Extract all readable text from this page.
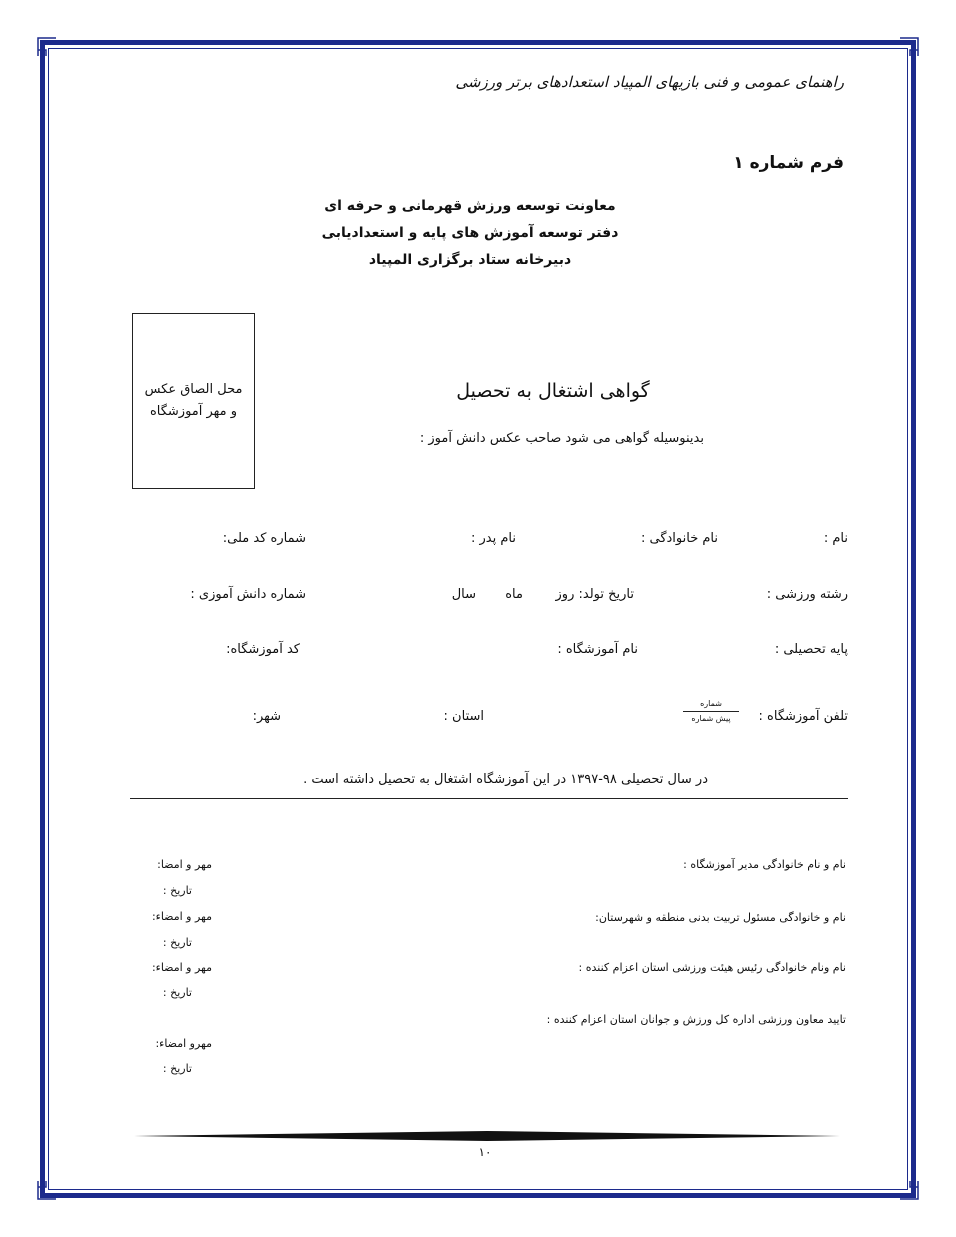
راهنمای عمومی و فنی بازیهای المپیاد استعدادهای برتر ورزشی
فرم شماره ۱
معاونت توسعه ورزش قهرمانی و حرفه ای
دفتر توسعه آموزش های پایه و استعدادیابی
دبیرخانه ستاد برگزاری المپیاد
محل الصاق عکس
و مهر آموزشگاه
گواهی اشتغال به تحصیل
بدینوسیله گواهی می شود صاحب عکس دانش آموز :
نام :
نام خانوادگی :
نام پدر :
شماره کد ملی:
رشته ورزشی :
تاریخ تولد: روز
ماه
سال
شماره دانش آموزی :
پایه تحصیلی :
نام آموزشگاه :
کد آموزشگاه:
تلفن آموزشگاه :
شماره
پیش شماره
استان :
شهر:
در سال تحصیلی ۹۸-۱۳۹۷ در این آموزشگاه اشتغال به تحصیل داشته است .
نام و نام خانوادگی مدیر آموزشگاه :
نام و خانوادگی مسئول تربیت بدنی منطقه و شهرستان:
نام ونام خانوادگی رئیس هیئت ورزشی استان اعزام کننده :
تایید معاون ورزشی اداره کل ورزش و جوانان استان اعزام کننده :
مهر و امضا:
تاریخ :
مهر و امضاء:
تاریخ :
مهر و امضاء:
تاریخ :
مهرو امضاء:
تاریخ :
۱۰
